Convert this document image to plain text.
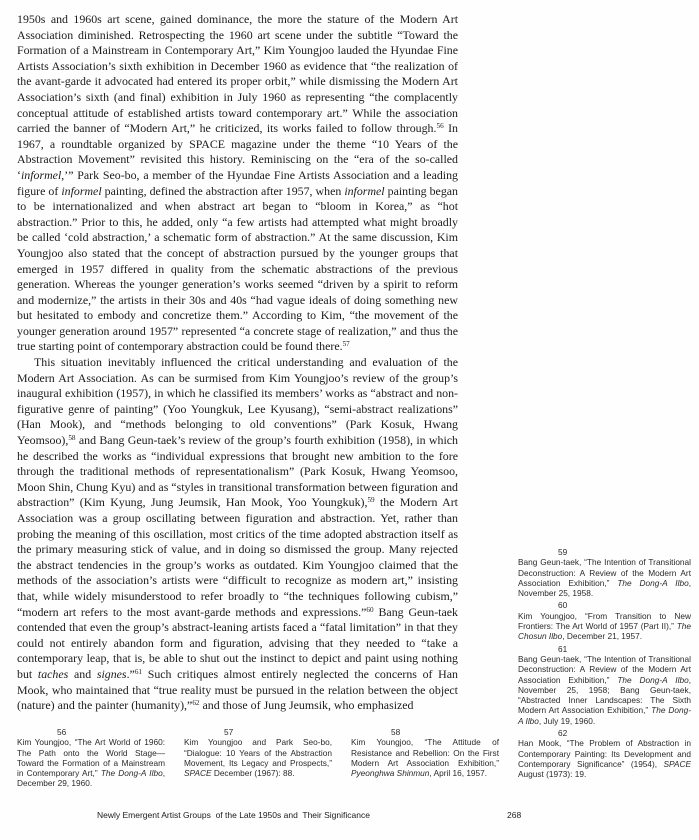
1950s and 1960s art scene, gained dominance, the more the stature of the Modern Art Association diminished. Retrospecting the 1960 art scene under the subtitle “Toward the Formation of a Mainstream in Contemporary Art,” Kim Youngjoo lauded the Hyundae Fine Artists Association’s sixth exhibition in December 1960 as evidence that “the realization of the avant-garde it advocated had entered its proper orbit,” while dismissing the Modern Art Association’s sixth (and final) exhibition in July 1960 as representing “the complacently conceptual attitude of established artists toward contemporary art.” While the association carried the banner of “Modern Art,” he criticized, its works failed to follow through.$^{56}$ In 1967, a roundtable organized by SPACE magazine under the theme “10 Years of the Abstraction Movement” revisited this history. Reminiscing on the “era of the so-called ‘informel,’” Park Seo-bo, a member of the Hyundae Fine Artists Association and a leading figure of informel painting, defined the abstraction after 1957, when informel painting began to be internationalized and when abstract art began to “bloom in Korea,” as “hot abstraction.” Prior to this, he added, only “a few artists had attempted what might broadly be called ‘cold abstraction,’ a schematic form of abstraction.” At the same discussion, Kim Youngjoo also stated that the concept of abstraction pursued by the younger groups that emerged in 1957 differed in quality from the schematic abstractions of the previous generation. Whereas the younger generation’s works seemed “driven by a spirit to reform and modernize,” the artists in their 30s and 40s “had vague ideals of doing something new but hesitated to embody and concretize them.” According to Kim, “the movement of the younger generation around 1957” represented “a concrete stage of realization,” and thus the true starting point of contemporary abstraction could be found there.$^{57}$

This situation inevitably influenced the critical understanding and evaluation of the Modern Art Association. As can be surmised from Kim Youngjoo’s review of the group’s inaugural exhibition (1957), in which he classified its members’ works as “abstract and non-figurative genre of painting” (Yoo Youngkuk, Lee Kyusang), “semi-abstract realizations” (Han Mook), and “methods belonging to old conventions” (Park Kosuk, Hwang Yeomsoo),$^{58}$ and Bang Geun-taek’s review of the group’s fourth exhibition (1958), in which he described the works as “individual expressions that brought new ambition to the fore through the traditional methods of representationalism” (Park Kosuk, Hwang Yeomsoo, Moon Shin, Chung Kyu) and as “styles in transitional transformation between figuration and abstraction” (Kim Kyung, Jung Jeumsik, Han Mook, Yoo Youngkuk),$^{59}$ the Modern Art Association was a group oscillating between figuration and abstraction. Yet, rather than probing the meaning of this oscillation, most critics of the time adopted abstraction itself as the primary measuring stick of value, and in doing so dismissed the group. Many rejected the abstract tendencies in the group’s works as outdated. Kim Youngjoo claimed that the methods of the association’s artists were “difficult to recognize as modern art,” insisting that, while widely misunderstood to refer broadly to “the techniques following cubism,” “modern art refers to the most avant-garde methods and expressions.”$^{60}$ Bang Geun-taek contended that even the group’s abstract-leaning artists faced a “fatal limitation” in that they could not entirely abandon form and figuration, advising that they needed to “take a contemporary leap, that is, be able to shut out the instinct to depict and paint using nothing but taches and signes.”$^{61}$ Such critiques almost entirely neglected the concerns of Han Mook, who maintained that “true reality must be pursued in the relation between the object (nature) and the painter (humanity),”$^{62}$ and those of Jung Jeumsik, who emphasized

59
Bang Geun-taek, “The Intention of Transitional Deconstruction: A Review of the Modern Art Association Exhibition,” The Dong-A Ilbo, November 25, 1958.
60
Kim Youngjoo, “From Transition to New Frontiers: The Art World of 1957 (Part II),” The Chosun Ilbo, December 21, 1957.
61
Bang Geun-taek, “The Intention of Transitional Deconstruction: A Review of the Modern Art Association Exhibition,” The Dong-A Ilbo, November 25, 1958; Bang Geun-taek, “Abstracted Inner Landscapes: The Sixth Modern Art Association Exhibition,” The Dong-A Ilbo, July 19, 1960.
62
Han Mook, “The Problem of Abstraction in Contemporary Painting: Its Development and Contemporary Significance” (1954), SPACE August (1973): 19.
56
Kim Youngjoo, “The Art World of 1960: The Path onto the World Stage—Toward the Formation of a Mainstream in Contemporary Art,” The Dong-A Ilbo, December 29, 1960.
57
Kim Youngjoo and Park Seo-bo, “Dialogue: 10 Years of the Abstraction Movement, Its Legacy and Prospects,” SPACE December (1967): 88.
58
Kim Youngjoo, “The Attitude of Resistance and Rebellion: On the First Modern Art Association Exhibition,” Pyeonghwa Shinmun, April 16, 1957.
Newly Emergent Artist Groups  of the Late 1950s and  Their Significance	268
